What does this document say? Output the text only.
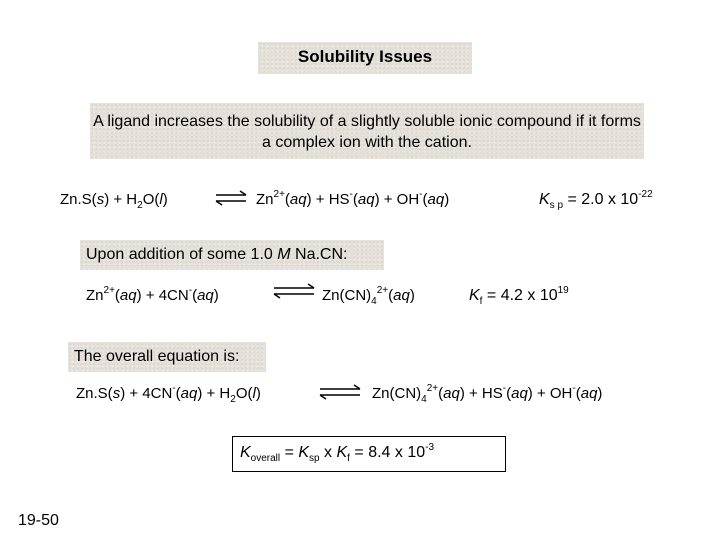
Solubility Issues
A ligand increases the solubility of a slightly soluble ionic compound if it forms a complex ion with the cation.
$Zn.S(s) + H_2O(l)$	⇌ $Zn^{2+}(aq) + HS^-(aq) + OH^-(aq)$	$K_{s p} = 2.0$ x $10^{-22}$
Upon addition of some 1.0 M Na.CN:
$Zn^{2+}(aq) + 4CN^-(aq)$	⇌ $Zn(CN)_4^{2+}(aq)$	$K_f = 4.2$ x $10^{19}$
The overall equation is:
$Zn.S(s) + 4CN^-(aq) + H_2O(l)$	⇌ $Zn(CN)_4^{2+}(aq) + HS^-(aq) + OH^-(aq)$
$K_{overall} = K_{sp}$ x $K_f = 8.4$ x $10^{-3}$
19-50
